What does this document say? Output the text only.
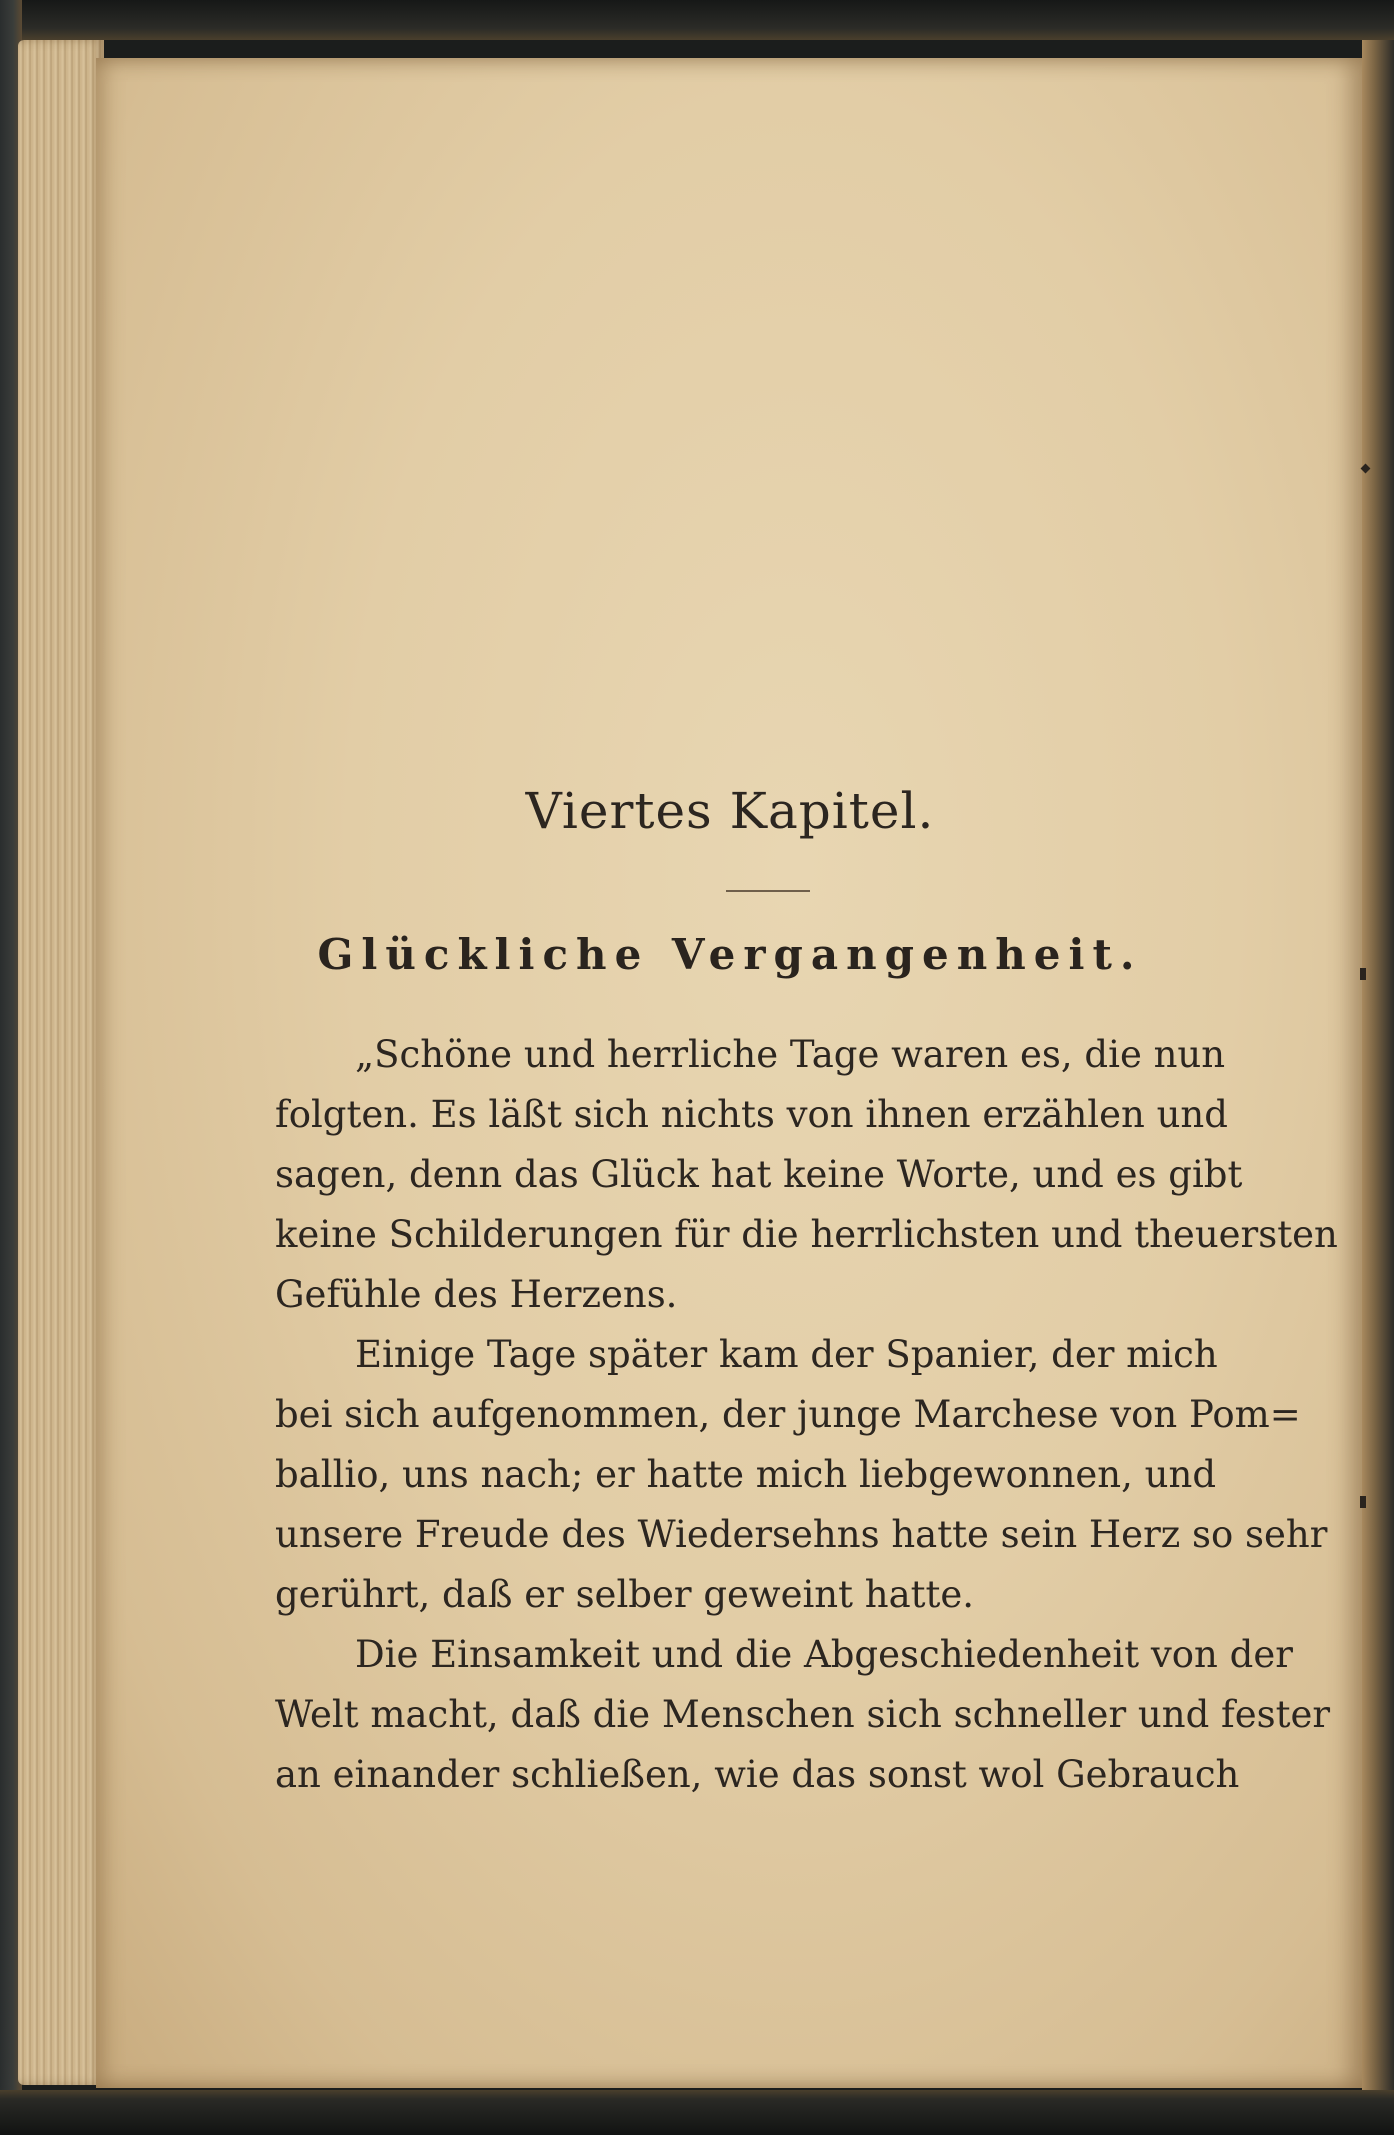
Viertes Kapitel.
Glückliche Vergangenheit.
„Schöne und herrliche Tage waren es, die nun
folgten. Es läßt sich nichts von ihnen erzählen und
sagen, denn das Glück hat keine Worte, und es gibt
keine Schilderungen für die herrlichsten und theuersten
Gefühle des Herzens.
Einige Tage später kam der Spanier, der mich
bei sich aufgenommen, der junge Marchese von Pom=
ballio, uns nach; er hatte mich liebgewonnen, und
unsere Freude des Wiedersehns hatte sein Herz so sehr
gerührt, daß er selber geweint hatte.
Die Einsamkeit und die Abgeschiedenheit von der
Welt macht, daß die Menschen sich schneller und fester
an einander schließen, wie das sonst wol Gebrauch
